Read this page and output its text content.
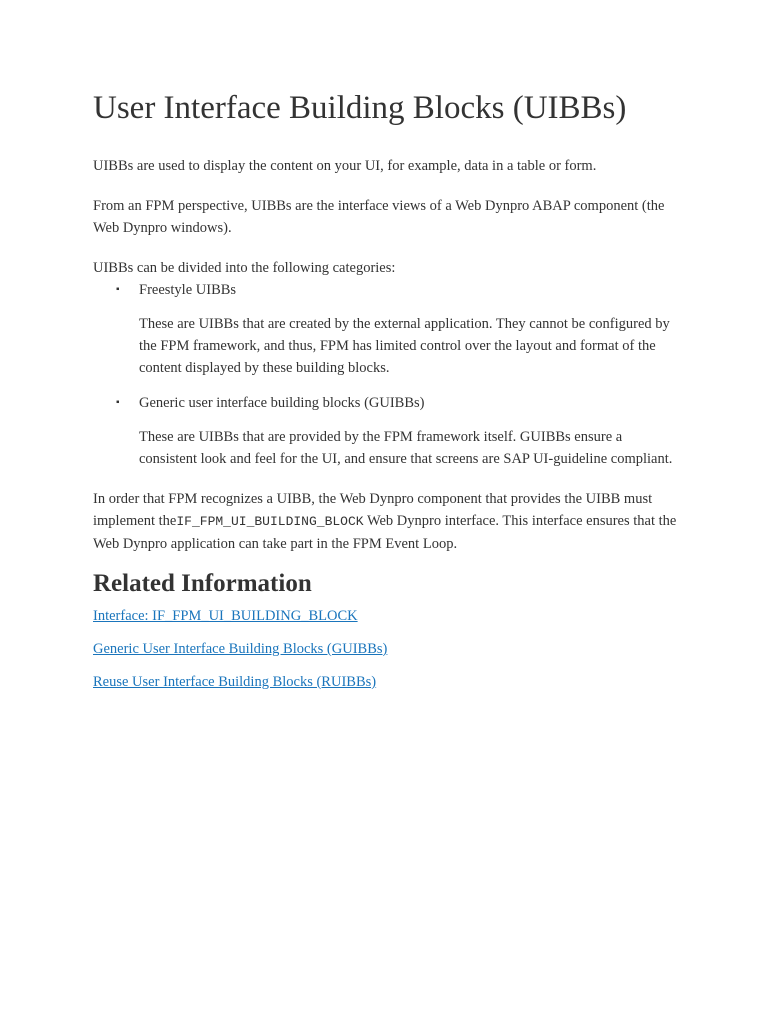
User Interface Building Blocks (UIBBs)

UIBBs are used to display the content on your UI, for example, data in a table or form.

From an FPM perspective, UIBBs are the interface views of a Web Dynpro ABAP component (the Web Dynpro windows).

UIBBs can be divided into the following categories:

▪ Freestyle UIBBs

These are UIBBs that are created by the external application. They cannot be configured by the FPM framework, and thus, FPM has limited control over the layout and format of the content displayed by these building blocks.

▪ Generic user interface building blocks (GUIBBs)

These are UIBBs that are provided by the FPM framework itself. GUIBBs ensure a consistent look and feel for the UI, and ensure that screens are SAP UI-guideline compliant.

In order that FPM recognizes a UIBB, the Web Dynpro component that provides the UIBB must implement theIF_FPM_UI_BUILDING_BLOCK Web Dynpro interface. This interface ensures that the Web Dynpro application can take part in the FPM Event Loop.

Related Information
Interface: IF_FPM_UI_BUILDING_BLOCK
Generic User Interface Building Blocks (GUIBBs)
Reuse User Interface Building Blocks (RUIBBs)
